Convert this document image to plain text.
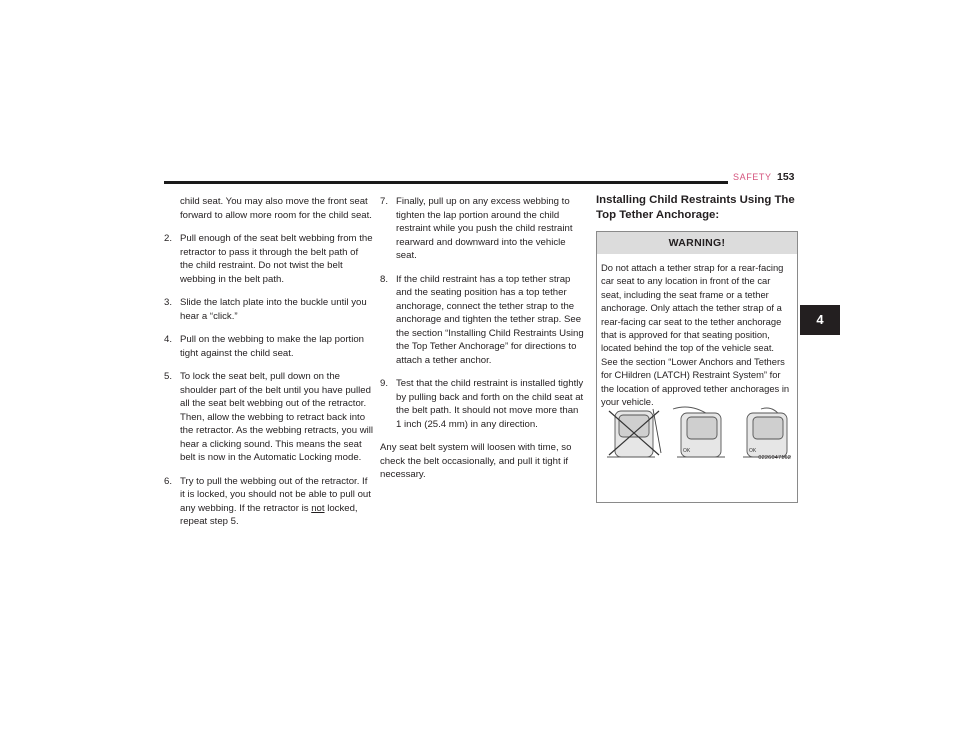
SAFETY 153

child seat. You may also move the front seat forward to allow more room for the child seat.

2. Pull enough of the seat belt webbing from the retractor to pass it through the belt path of the child restraint. Do not twist the belt webbing in the belt path.
3. Slide the latch plate into the buckle until you hear a “click.”
4. Pull on the webbing to make the lap portion tight against the child seat.
5. To lock the seat belt, pull down on the shoulder part of the belt until you have pulled all the seat belt webbing out of the retractor. Then, allow the webbing to retract back into the retractor. As the webbing retracts, you will hear a clicking sound. This means the seat belt is now in the Automatic Locking mode.
6. Try to pull the webbing out of the retractor. If it is locked, you should not be able to pull out any webbing. If the retractor is not locked, repeat step 5.
7. Finally, pull up on any excess webbing to tighten the lap portion around the child restraint while you push the child restraint rearward and downward into the vehicle seat.
8. If the child restraint has a top tether strap and the seating position has a top tether anchorage, connect the tether strap to the anchorage and tighten the tether strap. See the section “Installing Child Restraints Using the Top Tether Anchorage” for directions to attach a tether anchor.
9. Test that the child restraint is installed tightly by pulling back and forth on the child seat at the belt path. It should not move more than 1 inch (25.4 mm) in any direction.

Any seat belt system will loosen with time, so check the belt occasionally, and pull it tight if necessary.

Installing Child Restraints Using The Top Tether Anchorage:
WARNING!
Do not attach a tether strap for a rear-facing car seat to any location in front of the car seat, including the seat frame or a tether anchorage. Only attach the tether strap of a rear-facing car seat to the tether anchorage that is approved for that seating position, located behind the top of the vehicle seat. See the section “Lower Anchors and Tethers for CHildren (LATCH) Restraint System” for the location of approved tether anchorages in your vehicle.
OK	OK
0226047162
4
